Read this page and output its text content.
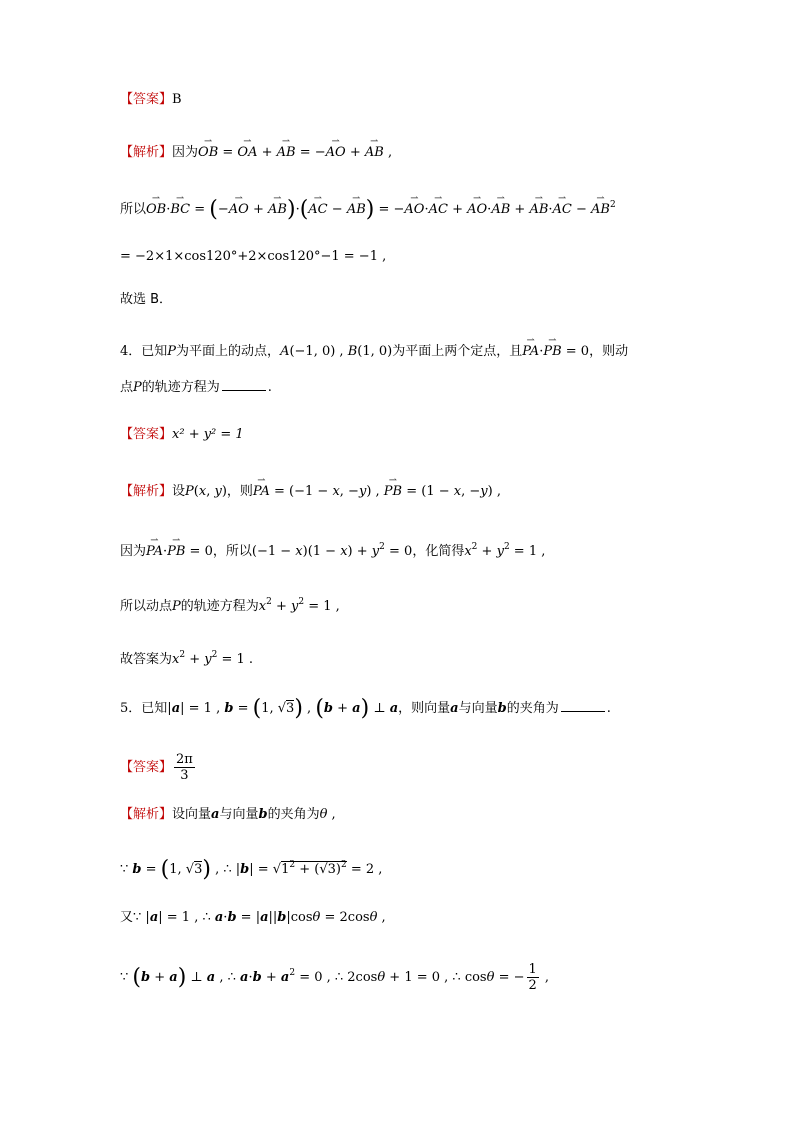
【答案】B
【解析】因为⇀ OB = ⇀ OA + ⇀ AB = −⇀ AO + ⇀ AB ,
所以⇀ OB·⇀ BC = (−⇀ AO + ⇀ AB)·(⇀ AC − ⇀ AB) = −⇀ AO·⇀ AC + ⇀ AO·⇀ AB + ⇀ AB·⇀ AC − ⇀ $AB^2$
= −2×1×cos120°+2×cos120°−1 = −1 ,
故选 B．
4．已知P为平面上的动点，A(−1, 0) , B(1, 0)为平面上两个定点，且⇀ PA·⇀ PB = 0，则动
点P的轨迹方程为	.
【答案】x² + y² = 1
【解析】设P(x, y)，则⇀ PA = (−1 − x, −y) , ⇀ PB = (1 − x, −y) ,
因为⇀ PA·⇀ PB = 0，所以$(-1 - x)(1 - x) + y^2 = 0$，化简得$x^2 + y^2 = 1$ ,
所以动点P的轨迹方程为$x^2 + y^2 = 1$ ,
故答案为$x^2 + y^2 = 1$ .
5．已知|a| = 1 , b = (1, √3) , (b + a) ⊥ a，则向量a与向量b的夹角为	.
【答案】 $\frac{2\pi}{3}$
【解析】设向量a与向量b的夹角为θ ,
∵ b = (1, √3) , ∴ $|b| = √1^2 + (√3)^2 = 2$ ,
又∵ |a| = 1 , ∴ a·b = |a||b|cosθ = 2cosθ ,
∵ (b + a) ⊥ a , ∴ $a\cdot b + a^2 = 0$ , ∴ 2cosθ + 1 = 0 , ∴ cosθ = − $\frac{1}{2}$ ,
